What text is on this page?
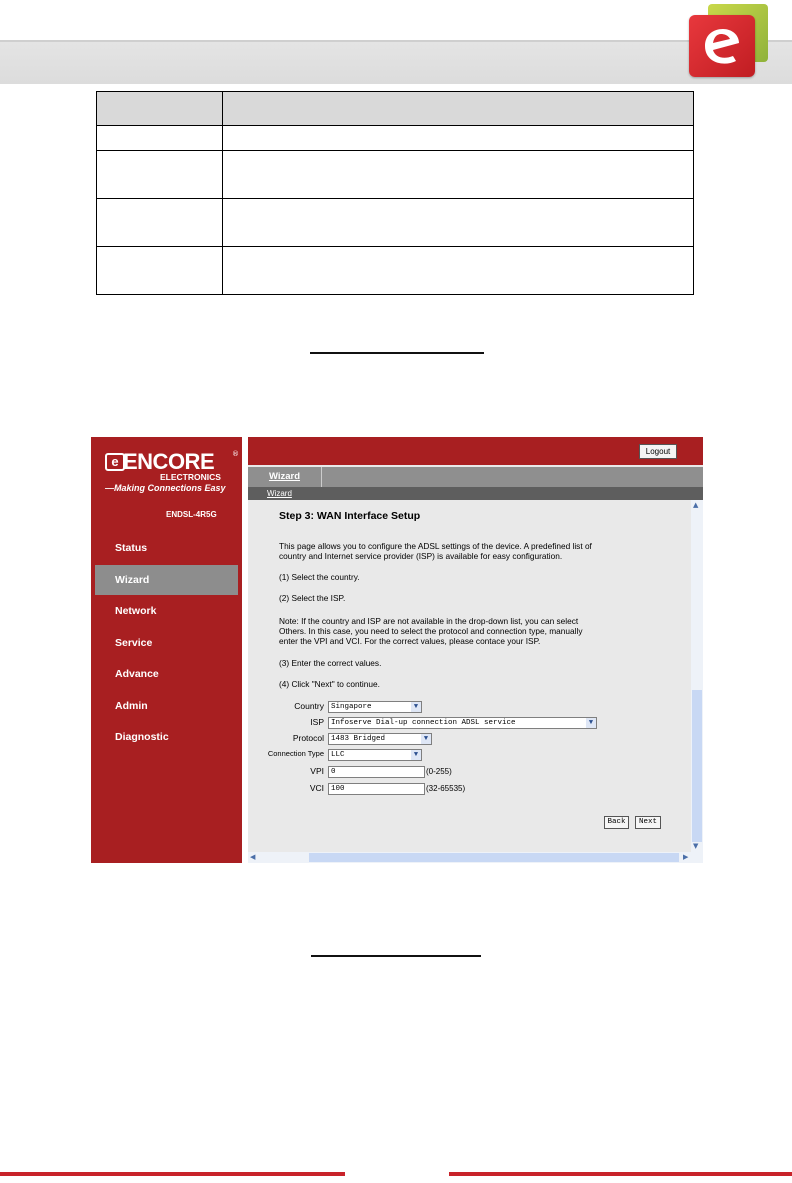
e ENCORE	®
ELECTRONICS
—Making Connections Easy
ENDSL-4R5G
Status
Wizard
Network
Service
Advance
Admin
Diagnostic
Logout
Wizard
Wizard
Step 3: WAN Interface Setup
This page allows you to configure the ADSL settings of the device. A predefined list of
country and Internet service provider (ISP) is available for easy configuration.
(1) Select the country.
(2) Select the ISP.
Note: If the country and ISP are not available in the drop-down list, you can select
Others. In this case, you need to select the protocol and connection type, manually
enter the VPI and VCI. For the correct values, please contace your ISP.
(3) Enter the correct values.
(4) Click "Next" to continue.
Country Singapore	▼
ISP Infoserve Dial-up connection ADSL service	▼
Protocol 1483 Bridged	▼
Connection Type LLC	▼
VPI 0	(0-255)
VCI 100	(32-65535)
Back	Next
▲
▼
◀	▶
